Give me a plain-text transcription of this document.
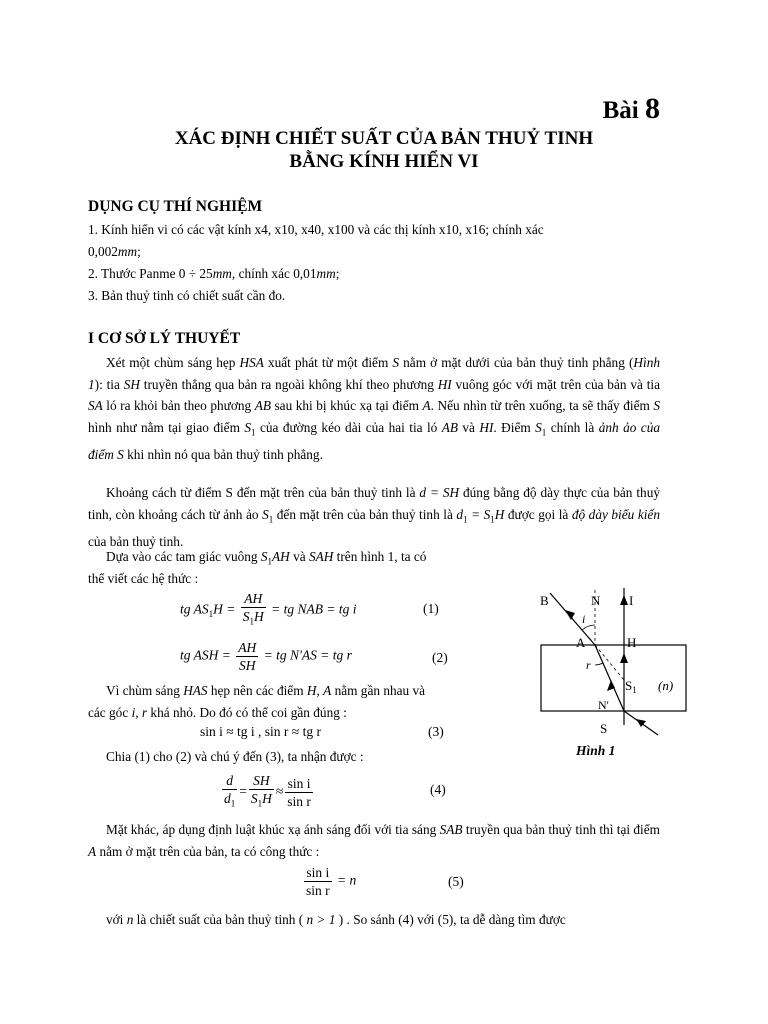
Bài 8
XÁC ĐỊNH CHIẾT SUẤT CỦA BẢN THUỶ TINH
BẰNG KÍNH HIỂN VI
DỤNG CỤ THÍ NGHIỆM
1. Kính hiển vi có các vật kính x4, x10, x40, x100 và các thị kính x10, x16; chính xác
0,002mm;
2. Thước Panme 0 ÷ 25mm, chính xác 0,01mm;
3. Bản thuỷ tinh có chiết suất cần đo.
I CƠ SỞ LÝ THUYẾT
Xét một chùm sáng hẹp HSA xuất phát từ một điểm S nằm ở mặt dưới của bản thuỷ tinh phẳng (Hình 1): tia SH truyền thẳng qua bản ra ngoài không khí theo phương HI vuông góc với mặt trên của bản và tia SA ló ra khỏi bản theo phương AB sau khi bị khúc xạ tại điểm A. Nếu nhìn từ trên xuống, ta sẽ thấy điểm S hình như nằm tại giao điểm $S_1$ của đường kéo dài của hai tia ló AB và HI. Điểm $S_1$ chính là ảnh ảo của điểm S khi nhìn nó qua bản thuỷ tinh phẳng.
Khoảng cách từ điểm S đến mặt trên của bản thuỷ tinh là d = SH đúng bằng độ dày thực của bản thuỷ tinh, còn khoảng cách từ ảnh ảo $S_1$ đến mặt trên của bản thuỷ tinh là $d_1 = S_1H$ được gọi là độ dày biểu kiến của bản thuỷ tinh.
Dựa vào các tam giác vuông $S_1AH$ và SAH trên hình 1, ta có
thể viết các hệ thức :
tg $AS_1H = \frac{AH}{S_1H}$ = tg NAB = tg i	(1)
tg ASH = $\frac{AH}{SH}$ = tg N'AS = tg r	(2)
Vì chùm sáng HAS hẹp nên các điểm H, A nằm gần nhau và
các góc i, r khá nhỏ. Do đó có thể coi gần đúng :
sin i ≈ tg i , sin r ≈ tg r	(3)
Chia (1) cho (2) và chú ý đến (3), ta nhận được :
$\frac{d}{d_1} = \frac{SH}{S_1H} \approx \frac{\text{sin i}}{\text{sin r}}$	(4)
Mặt khác, áp dụng định luật khúc xạ ánh sáng đối với tia sáng SAB truyền qua bản thuỷ tinh thì tại điểm A nằm ở mặt trên của bản, ta có công thức :
$\frac{\text{sin i}}{\text{sin r}} = n$	(5)
với n là chiết suất của bản thuỷ tinh ( n > 1 ) . So sánh (4) với (5), ta dễ dàng tìm được
B	N I
i
A	H
r
$S_1$ (n)
N'
S
Hình 1
